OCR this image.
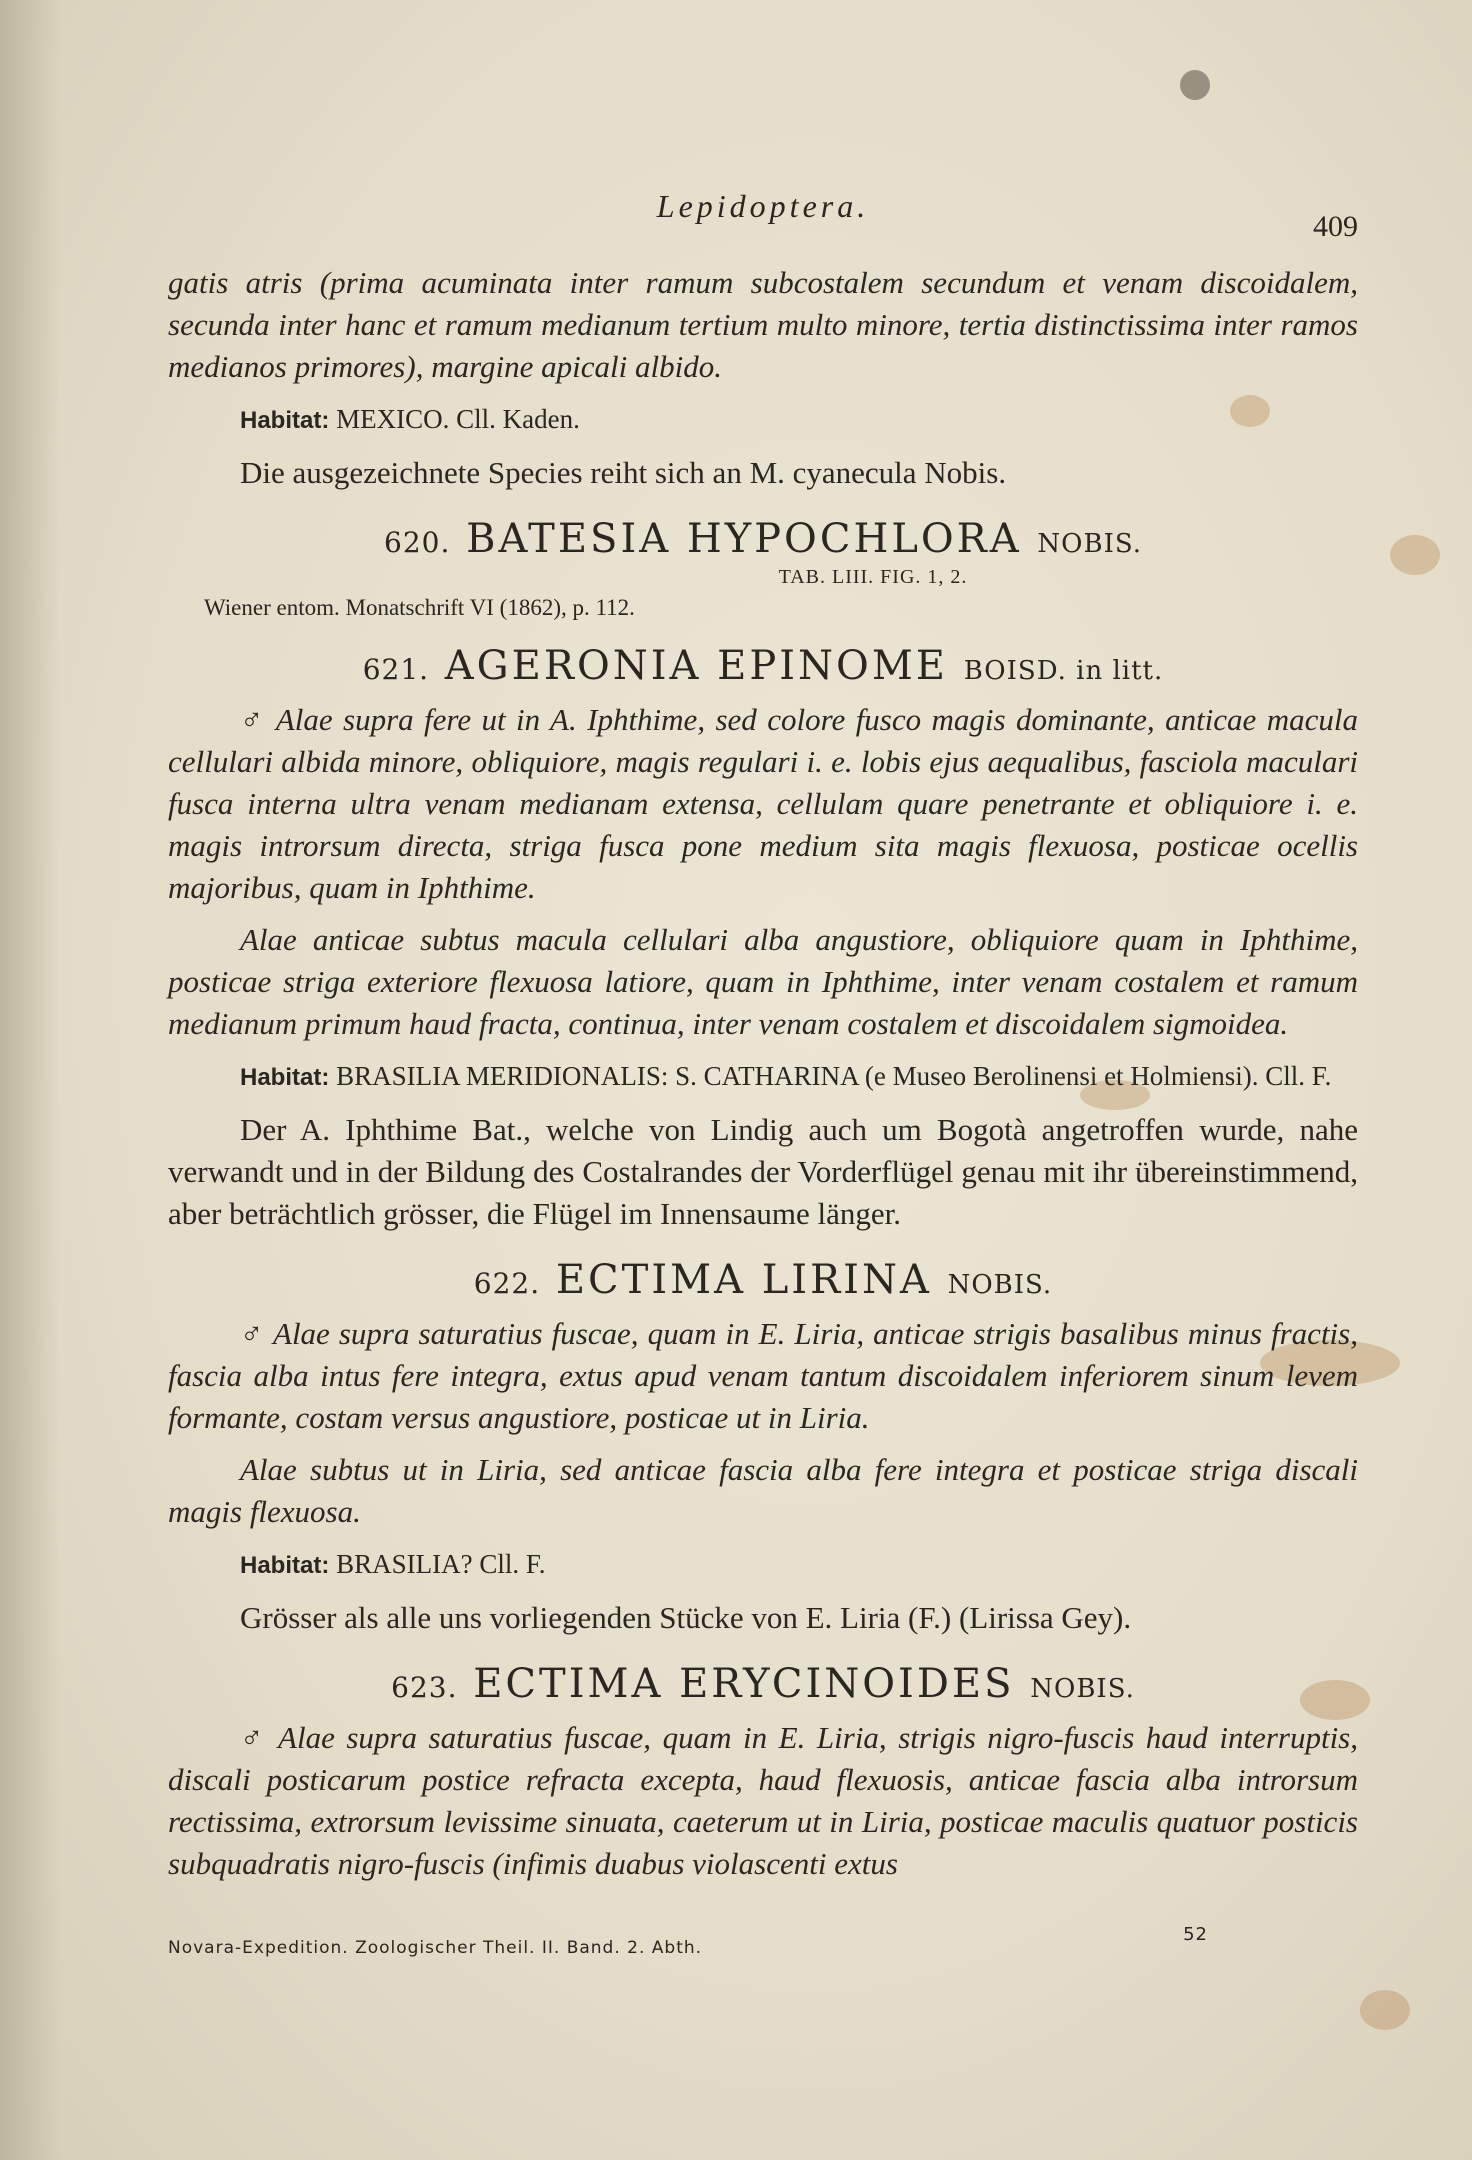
Lepidoptera.
409

gatis atris (prima acuminata inter ramum subcostalem secundum et venam discoidalem, secunda inter hanc et ramum medianum tertium multo minore, tertia distinctissima inter ramos medianos primores), margine apicali albido.

Habitat: MEXICO. Cll. Kaden.

Die ausgezeichnete Species reiht sich an M. cyanecula Nobis.

620. BATESIA HYPOCHLORA NOBIS.
TAB. LIII. FIG. 1, 2.
Wiener entom. Monatschrift VI (1862), p. 112.
621. AGERONIA EPINOME BOISD. in litt.

♂ Alae supra fere ut in A. Iphthime, sed colore fusco magis dominante, anticae macula cellulari albida minore, obliquiore, magis regulari i. e. lobis ejus aequalibus, fasciola maculari fusca interna ultra venam medianam extensa, cellulam quare penetrante et obliquiore i. e. magis introrsum directa, striga fusca pone medium sita magis flexuosa, posticae ocellis majoribus, quam in Iphthime.

Alae anticae subtus macula cellulari alba angustiore, obliquiore quam in Iphthime, posticae striga exteriore flexuosa latiore, quam in Iphthime, inter venam costalem et ramum medianum primum haud fracta, continua, inter venam costalem et discoidalem sigmoidea.

Habitat: BRASILIA MERIDIONALIS: S. CATHARINA (e Museo Berolinensi et Holmiensi). Cll. F.

Der A. Iphthime Bat., welche von Lindig auch um Bogotà angetroffen wurde, nahe verwandt und in der Bildung des Costalrandes der Vorderflügel genau mit ihr übereinstimmend, aber beträchtlich grösser, die Flügel im Innensaume länger.

622. ECTIMA LIRINA NOBIS.

♂ Alae supra saturatius fuscae, quam in E. Liria, anticae strigis basalibus minus fractis, fascia alba intus fere integra, extus apud venam tantum discoidalem inferiorem sinum levem formante, costam versus angustiore, posticae ut in Liria.

Alae subtus ut in Liria, sed anticae fascia alba fere integra et posticae striga discali magis flexuosa.

Habitat: BRASILIA? Cll. F.

Grösser als alle uns vorliegenden Stücke von E. Liria (F.) (Lirissa Gey).

623. ECTIMA ERYCINOIDES NOBIS.

♂ Alae supra saturatius fuscae, quam in E. Liria, strigis nigro-fuscis haud interruptis, discali posticarum postice refracta excepta, haud flexuosis, anticae fascia alba introrsum rectissima, extrorsum levissime sinuata, caeterum ut in Liria, posticae maculis quatuor posticis subquadratis nigro-fuscis (infimis duabus violascenti extus

Novara-Expedition. Zoologischer Theil. II. Band. 2. Abth.
52
